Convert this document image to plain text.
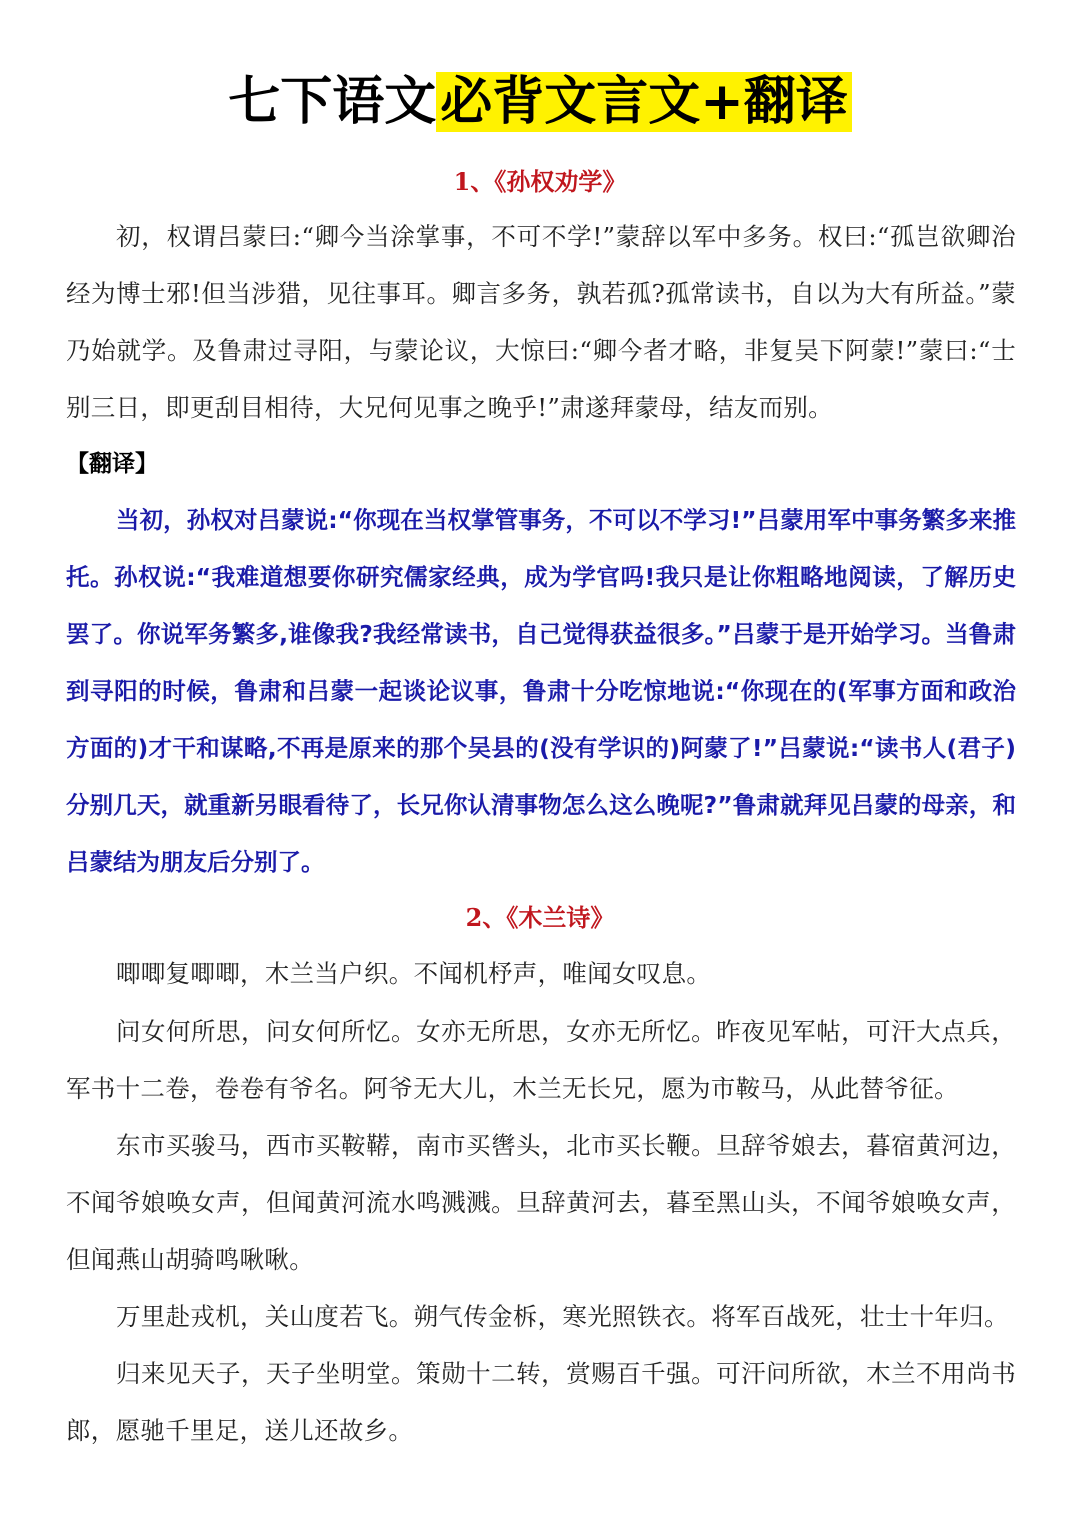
七下语文必背文言文+翻译
1、《孙权劝学》

初，权谓吕蒙曰:“卿今当涂掌事，不可不学!”蒙辞以军中多务。权曰:“孤岂欲卿治经为博士邪!但当涉猎，见往事耳。卿言多务，孰若孤?孤常读书，自以为大有所益。”蒙乃始就学。及鲁肃过寻阳，与蒙论议，大惊曰:“卿今者才略，非复吴下阿蒙!”蒙曰:“士别三日，即更刮目相待，大兄何见事之晚乎!”肃遂拜蒙母，结友而别。

【翻译】

当初，孙权对吕蒙说:“你现在当权掌管事务，不可以不学习!”吕蒙用军中事务繁多来推托。孙权说:“我难道想要你研究儒家经典，成为学官吗!我只是让你粗略地阅读，了解历史罢了。你说军务繁多,谁像我?我经常读书，自己觉得获益很多。”吕蒙于是开始学习。当鲁肃到寻阳的时候，鲁肃和吕蒙一起谈论议事，鲁肃十分吃惊地说:“你现在的(军事方面和政治方面的)才干和谋略,不再是原来的那个吴县的(没有学识的)阿蒙了!”吕蒙说:“读书人(君子)分别几天，就重新另眼看待了，长兄你认清事物怎么这么晚呢?”鲁肃就拜见吕蒙的母亲，和吕蒙结为朋友后分别了。

2、《木兰诗》

唧唧复唧唧，木兰当户织。不闻机杼声，唯闻女叹息。

问女何所思，问女何所忆。女亦无所思，女亦无所忆。昨夜见军帖，可汗大点兵，军书十二卷，卷卷有爷名。阿爷无大儿，木兰无长兄，愿为市鞍马，从此替爷征。

东市买骏马，西市买鞍鞯，南市买辔头，北市买长鞭。旦辞爷娘去，暮宿黄河边，不闻爷娘唤女声，但闻黄河流水鸣溅溅。旦辞黄河去，暮至黑山头，不闻爷娘唤女声，但闻燕山胡骑鸣啾啾。

万里赴戎机，关山度若飞。朔气传金柝，寒光照铁衣。将军百战死，壮士十年归。

归来见天子，天子坐明堂。策勋十二转，赏赐百千强。可汗问所欲，木兰不用尚书郎，愿驰千里足，送儿还故乡。
